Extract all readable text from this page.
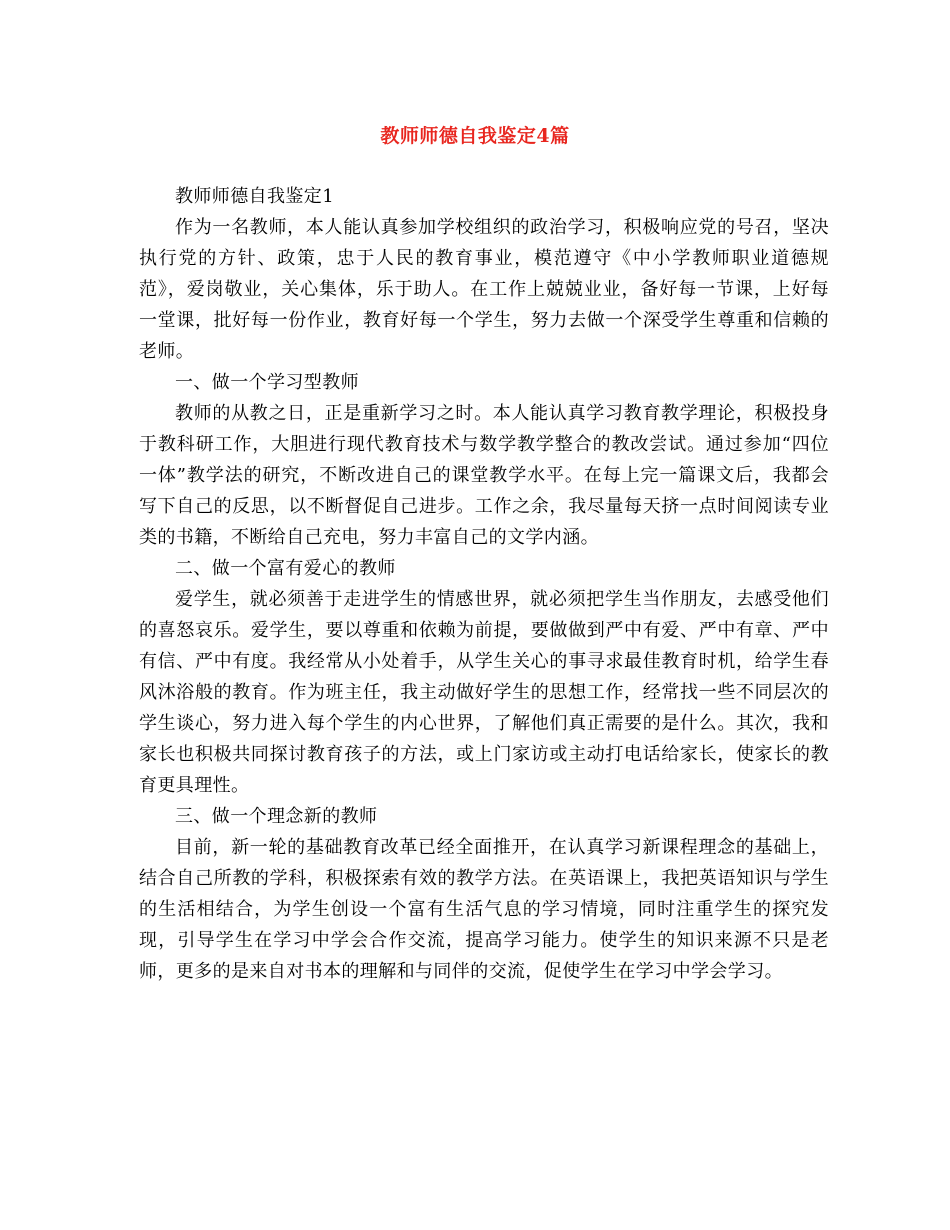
教师师德自我鉴定4篇

教师师德自我鉴定1

作为一名教师，本人能认真参加学校组织的政治学习，积极响应党的号召，坚决执行党的方针、政策，忠于人民的教育事业，模范遵守《中小学教师职业道德规范》，爱岗敬业，关心集体，乐于助人。在工作上兢兢业业，备好每一节课，上好每一堂课，批好每一份作业，教育好每一个学生，努力去做一个深受学生尊重和信赖的老师。

一、做一个学习型教师

教师的从教之日，正是重新学习之时。本人能认真学习教育教学理论，积极投身于教科研工作，大胆进行现代教育技术与数学教学整合的教改尝试。通过参加“四位一体”教学法的研究，不断改进自己的课堂教学水平。在每上完一篇课文后，我都会写下自己的反思，以不断督促自己进步。工作之余，我尽量每天挤一点时间阅读专业类的书籍，不断给自己充电，努力丰富自己的文学内涵。

二、做一个富有爱心的教师

爱学生，就必须善于走进学生的情感世界，就必须把学生当作朋友，去感受他们的喜怒哀乐。爱学生，要以尊重和依赖为前提，要做做到严中有爱、严中有章、严中有信、严中有度。我经常从小处着手，从学生关心的事寻求最佳教育时机，给学生春风沐浴般的教育。作为班主任，我主动做好学生的思想工作，经常找一些不同层次的学生谈心，努力进入每个学生的内心世界，了解他们真正需要的是什么。其次，我和家长也积极共同探讨教育孩子的方法，或上门家访或主动打电话给家长，使家长的教育更具理性。

三、做一个理念新的教师

目前，新一轮的基础教育改革已经全面推开，在认真学习新课程理念的基础上，结合自己所教的学科，积极探索有效的教学方法。在英语课上，我把英语知识与学生的生活相结合，为学生创设一个富有生活气息的学习情境，同时注重学生的探究发现，引导学生在学习中学会合作交流，提高学习能力。使学生的知识来源不只是老师，更多的是来自对书本的理解和与同伴的交流，促使学生在学习中学会学习。
